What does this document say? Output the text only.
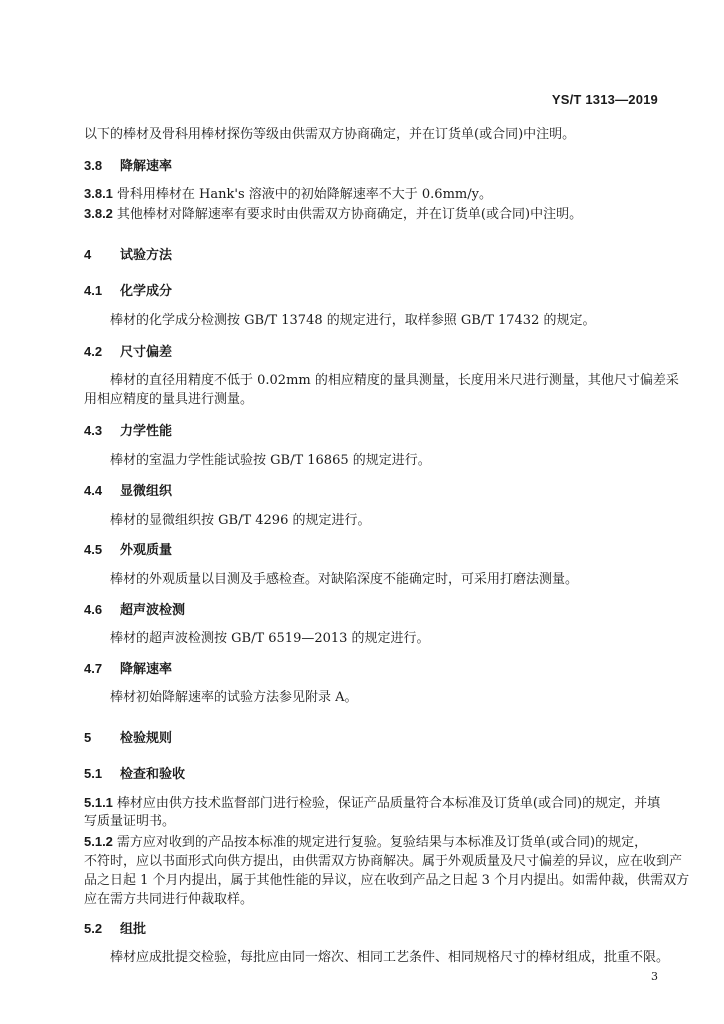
YS/T 1313—2019
以下的棒材及骨科用棒材探伤等级由供需双方协商确定，并在订货单(或合同)中注明。
3.8 降解速率
3.8.1 骨科用棒材在 Hank's 溶液中的初始降解速率不大于 0.6mm/y。
3.8.2 其他棒材对降解速率有要求时由供需双方协商确定，并在订货单(或合同)中注明。
4 试验方法
4.1 化学成分
棒材的化学成分检测按 GB/T 13748 的规定进行，取样参照 GB/T 17432 的规定。
4.2 尺寸偏差
棒材的直径用精度不低于 0.02mm 的相应精度的量具测量，长度用米尺进行测量，其他尺寸偏差采
用相应精度的量具进行测量。
4.3 力学性能
棒材的室温力学性能试验按 GB/T 16865 的规定进行。
4.4 显微组织
棒材的显微组织按 GB/T 4296 的规定进行。
4.5 外观质量
棒材的外观质量以目测及手感检查。对缺陷深度不能确定时，可采用打磨法测量。
4.6 超声波检测
棒材的超声波检测按 GB/T 6519—2013 的规定进行。
4.7 降解速率
棒材初始降解速率的试验方法参见附录 A。
5 检验规则
5.1 检查和验收
5.1.1 棒材应由供方技术监督部门进行检验，保证产品质量符合本标准及订货单(或合同)的规定，并填
写质量证明书。
5.1.2 需方应对收到的产品按本标准的规定进行复验。复验结果与本标准及订货单(或合同)的规定，
不符时，应以书面形式向供方提出，由供需双方协商解决。属于外观质量及尺寸偏差的异议，应在收到产
品之日起 1 个月内提出，属于其他性能的异议，应在收到产品之日起 3 个月内提出。如需仲裁，供需双方
应在需方共同进行仲裁取样。
5.2 组批
棒材应成批提交检验，每批应由同一熔次、相同工艺条件、相同规格尺寸的棒材组成，批重不限。
3
